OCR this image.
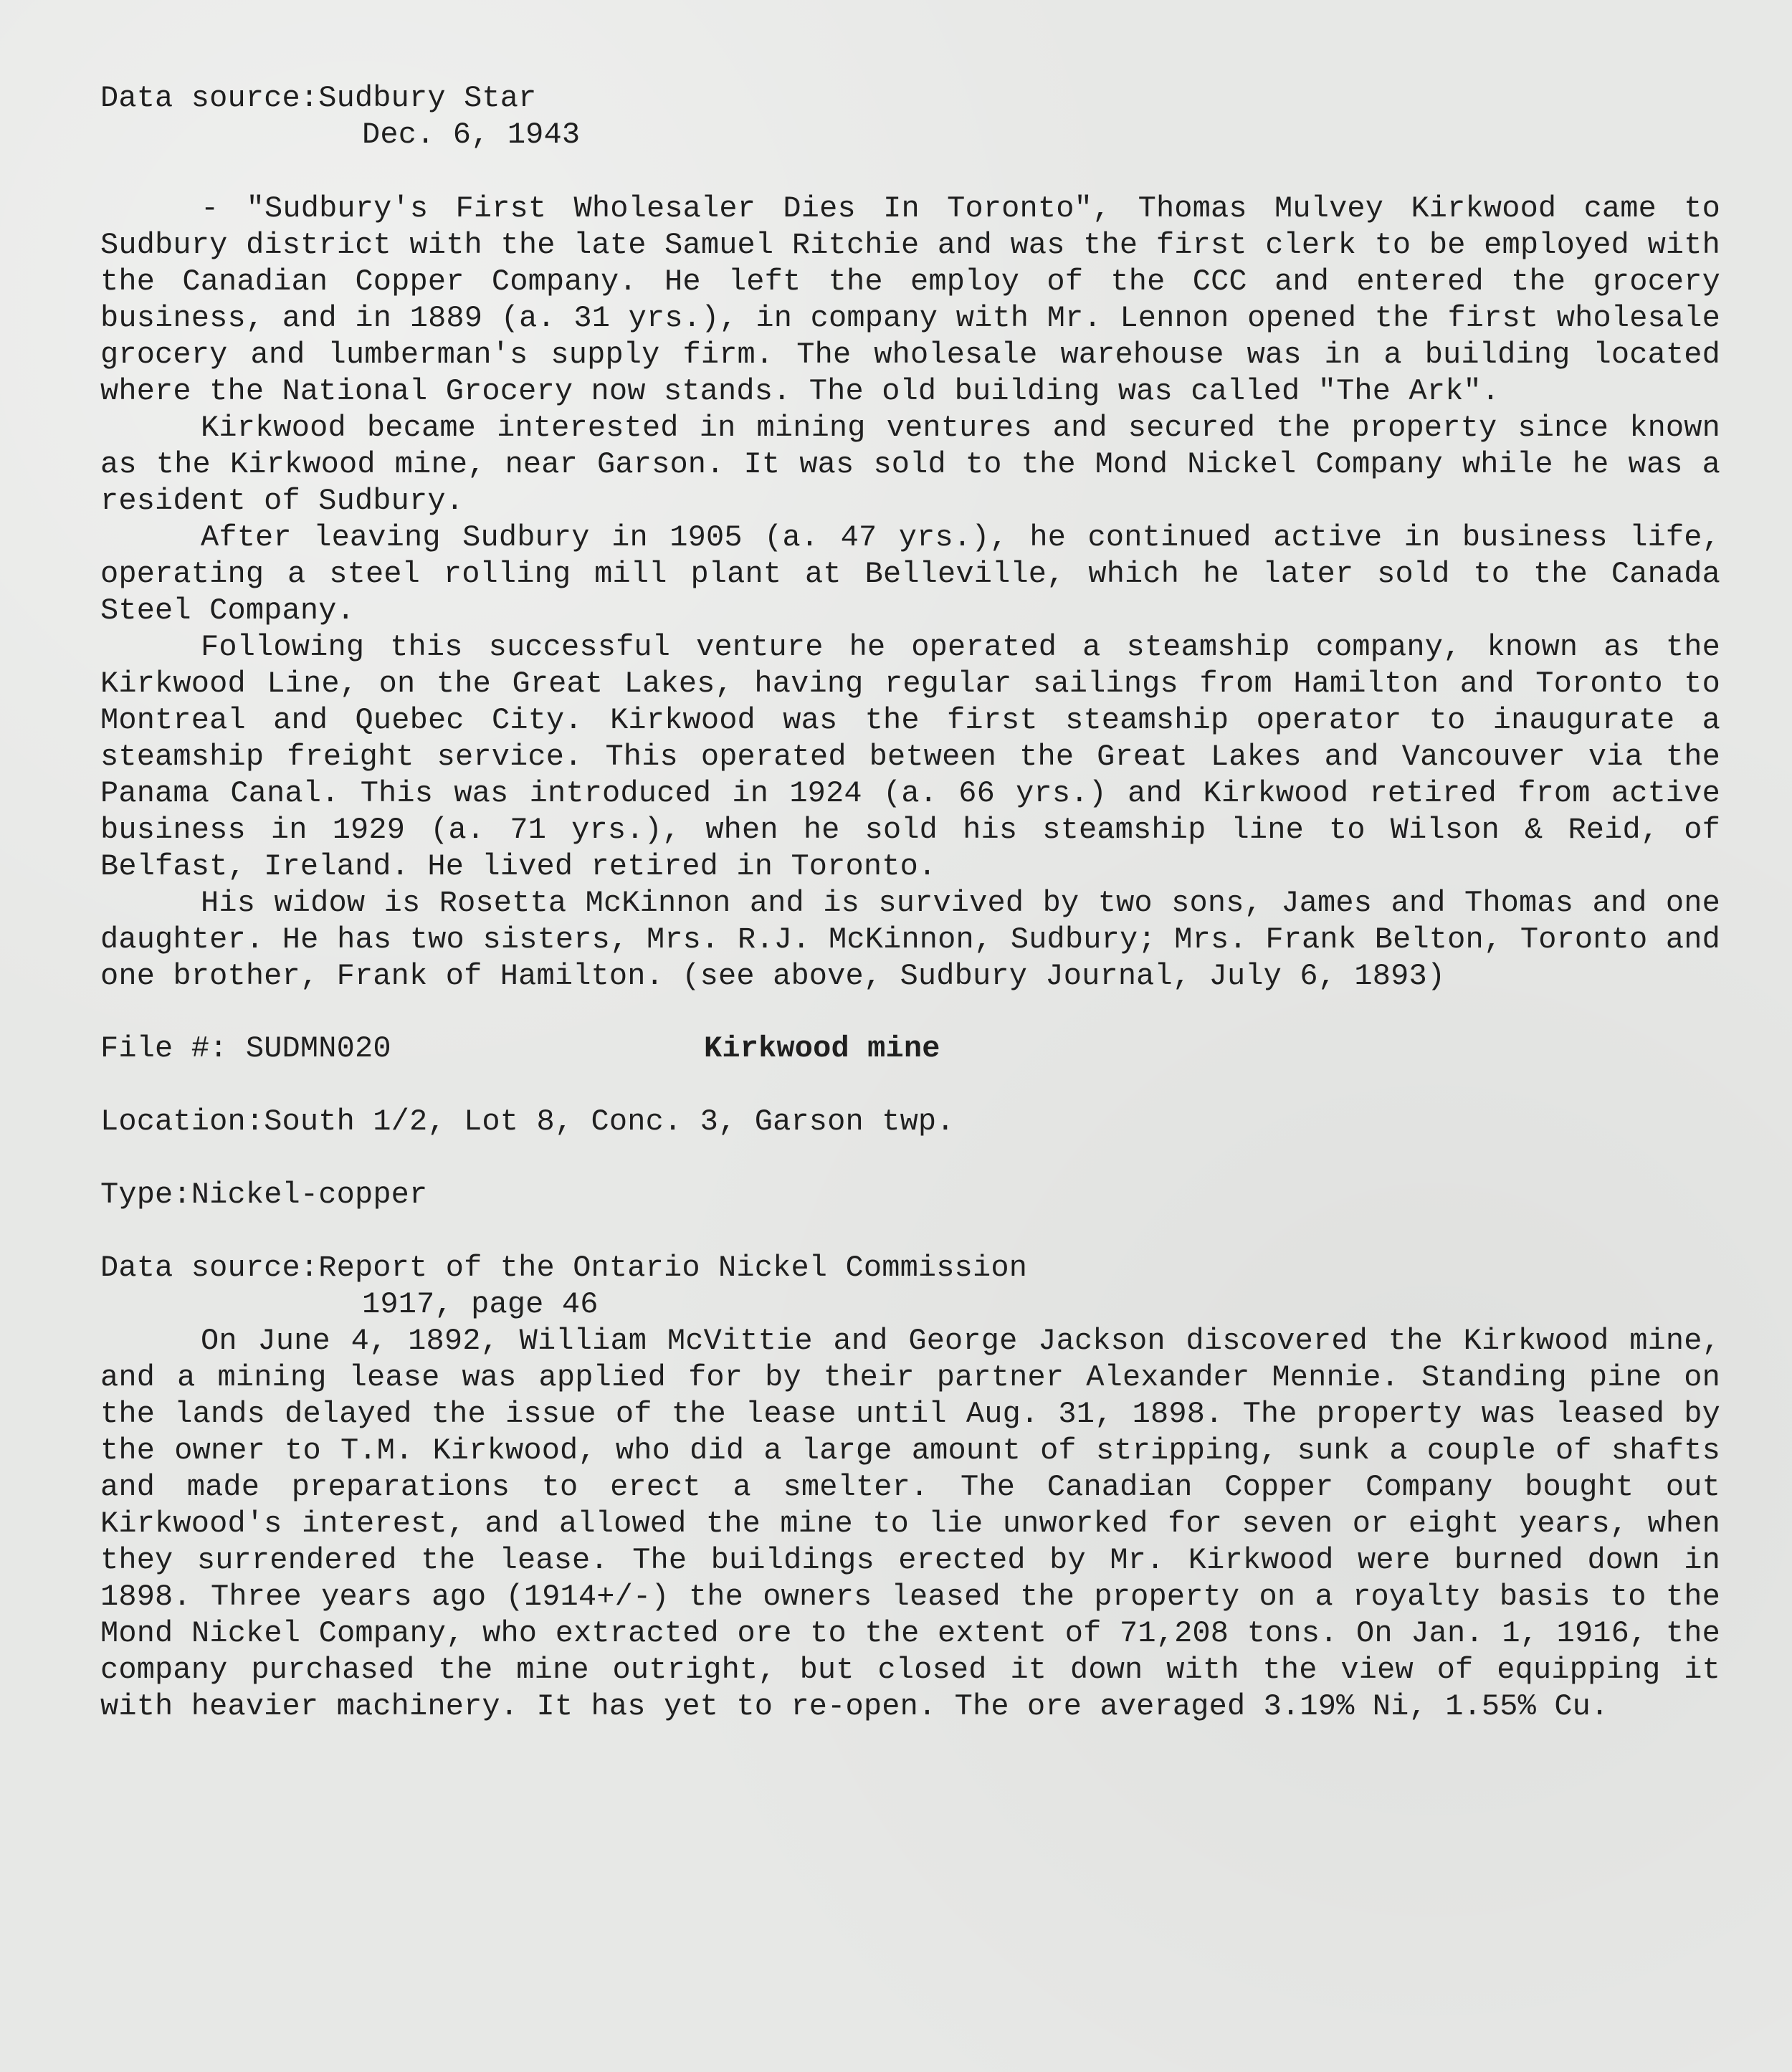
Data source: Sudbury Star
Dec. 6, 1943

- "Sudbury's First Wholesaler Dies In Toronto", Thomas Mulvey Kirkwood came to Sudbury district with the late Samuel Ritchie and was the first clerk to be employed with the Canadian Copper Company. He left the employ of the CCC and entered the grocery business, and in 1889 (a. 31 yrs.), in company with Mr. Lennon opened the first wholesale grocery and lumberman's supply firm. The wholesale warehouse was in a building located where the National Grocery now stands. The old building was called "The Ark".

Kirkwood became interested in mining ventures and secured the property since known as the Kirkwood mine, near Garson. It was sold to the Mond Nickel Company while he was a resident of Sudbury.

After leaving Sudbury in 1905 (a. 47 yrs.), he continued active in business life, operating a steel rolling mill plant at Belleville, which he later sold to the Canada Steel Company.

Following this successful venture he operated a steamship company, known as the Kirkwood Line, on the Great Lakes, having regular sailings from Hamilton and Toronto to Montreal and Quebec City. Kirkwood was the first steamship operator to inaugurate a steamship freight service. This operated between the Great Lakes and Vancouver via the Panama Canal. This was introduced in 1924 (a. 66 yrs.) and Kirkwood retired from active business in 1929 (a. 71 yrs.), when he sold his steamship line to Wilson & Reid, of Belfast, Ireland. He lived retired in Toronto.

His widow is Rosetta McKinnon and is survived by two sons, James and Thomas and one daughter. He has two sisters, Mrs. R.J. McKinnon, Sudbury; Mrs. Frank Belton, Toronto and one brother, Frank of Hamilton. (see above, Sudbury Journal, July 6, 1893)

File #: SUDMN020	Kirkwood mine
Location: South 1/2, Lot 8, Conc. 3, Garson twp.
Type: Nickel-copper
Data source: Report of the Ontario Nickel Commission
1917, page 46

On June 4, 1892, William McVittie and George Jackson discovered the Kirkwood mine, and a mining lease was applied for by their partner Alexander Mennie. Standing pine on the lands delayed the issue of the lease until Aug. 31, 1898. The property was leased by the owner to T.M. Kirkwood, who did a large amount of stripping, sunk a couple of shafts and made preparations to erect a smelter. The Canadian Copper Company bought out Kirkwood's interest, and allowed the mine to lie unworked for seven or eight years, when they surrendered the lease. The buildings erected by Mr. Kirkwood were burned down in 1898. Three years ago (1914+/-) the owners leased the property on a royalty basis to the Mond Nickel Company, who extracted ore to the extent of 71,208 tons. On Jan. 1, 1916, the company purchased the mine outright, but closed it down with the view of equipping it with heavier machinery. It has yet to re-open. The ore averaged 3.19% Ni, 1.55% Cu.
